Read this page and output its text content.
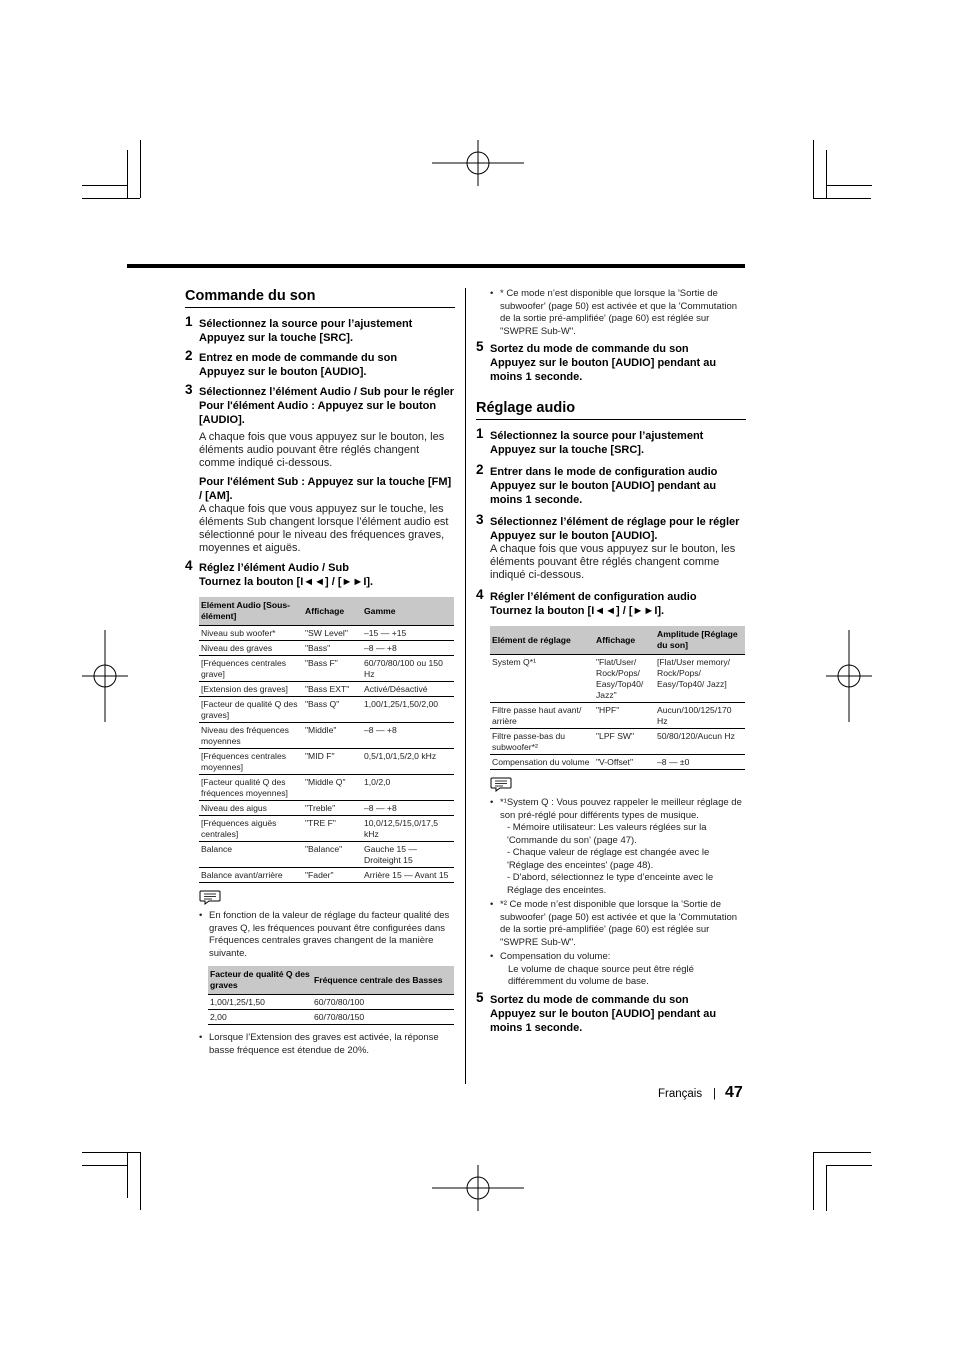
Commande du son
1 Sélectionnez la source pour l’ajustement
Appuyez sur la touche [SRC].
2 Entrez en mode de commande du son
Appuyez sur le bouton [AUDIO].
3 Sélectionnez l’élément Audio / Sub pour le régler
Pour l'élément Audio : Appuyez sur le bouton [AUDIO].
A chaque fois que vous appuyez sur le bouton, les éléments audio pouvant être réglés changent comme indiqué ci-dessous.
Pour l'élément Sub : Appuyez sur la touche [FM] / [AM].
A chaque fois que vous appuyez sur le touche, les éléments Sub changent lorsque l’élément audio est sélectionné pour le niveau des fréquences graves, moyennes et aiguës.
4 Réglez l’élément Audio / Sub
Tournez la bouton [I◄◄] / [►►I].
Elément Audio [Sous-élément]	Affichage	Gamme
Niveau sub woofer*	"SW Level"	–15 — +15
Niveau des graves	"Bass"	–8 — +8
[Fréquences centrales grave]	"Bass F"	60/70/80/100 ou 150 Hz
[Extension des graves]	"Bass EXT"	Activé/Désactivé
[Facteur de qualité Q des graves]	"Bass Q"	1,00/1,25/1,50/2,00
Niveau des fréquences moyennes	"Middle"	–8 — +8
[Fréquences centrales moyennes]	"MID F"	0,5/1,0/1,5/2,0 kHz
[Facteur qualité Q des fréquences moyennes]	"Middle Q"	1,0/2,0
Niveau des aigus	"Treble"	–8 — +8
[Fréquences aiguës centrales]	"TRE F"	10,0/12,5/15,0/17,5 kHz
Balance	"Balance"	Gauche 15 — Droiteight 15
Balance avant/arrière	"Fader"	Arrière 15 — Avant 15
• En fonction de la valeur de réglage du facteur qualité des graves Q, les fréquences pouvant être configurées dans Fréquences centrales graves changent de la manière suivante.
Facteur de qualité Q des graves	Fréquence centrale des Basses
1,00/1,25/1,50	60/70/80/100
2,00	60/70/80/150
• Lorsque l’Extension des graves est activée, la réponse basse fréquence est étendue de 20%.
• * Ce mode n’est disponible que lorsque la 'Sortie de subwoofer' (page 50) est activée et que la 'Commutation de la sortie pré-amplifiée' (page 60) est réglée sur "SWPRE Sub-W".
5 Sortez du mode de commande du son
Appuyez sur le bouton [AUDIO] pendant au moins 1 seconde.
Réglage audio
1 Sélectionnez la source pour l’ajustement
Appuyez sur la touche [SRC].
2 Entrer dans le mode de configuration audio
Appuyez sur le bouton [AUDIO] pendant au moins 1 seconde.
3 Sélectionnez l’élément de réglage pour le régler
Appuyez sur le bouton [AUDIO].
A chaque fois que vous appuyez sur le bouton, les éléments pouvant être réglés changent comme indiqué ci-dessous.
4 Régler l’élément de configuration audio
Tournez la bouton [I◄◄] / [►►I].
Elément de réglage	Affichage	Amplitude [Réglage du son]
System Q*¹	"Flat/User/ Rock/Pops/ Easy/Top40/ Jazz"	[Flat/User memory/ Rock/Pops/ Easy/Top40/ Jazz]
Filtre passe haut avant/ arrière	"HPF"	Aucun/100/125/170 Hz
Filtre passe-bas du subwoofer*²	"LPF SW"	50/80/120/Aucun Hz
Compensation du volume	"V-Offset"	–8 — ±0
• *¹System Q : Vous pouvez rappeler le meilleur réglage de son pré-réglé pour différents types de musique.
- Mémoire utilisateur: Les valeurs réglées sur la 'Commande du son' (page 47).
- Chaque valeur de réglage est changée avec le 'Réglage des enceintes' (page 48).
- D'abord, sélectionnez le type d’enceinte avec le Réglage des enceintes.
• *² Ce mode n’est disponible que lorsque la 'Sortie de subwoofer' (page 50) est activée et que la 'Commutation de la sortie pré-amplifiée' (page 60) est réglée sur "SWPRE Sub-W".
• Compensation du volume:
Le volume de chaque source peut être réglé différemment du volume de base.
5 Sortez du mode de commande du son
Appuyez sur le bouton [AUDIO] pendant au moins 1 seconde.
Français | 47
